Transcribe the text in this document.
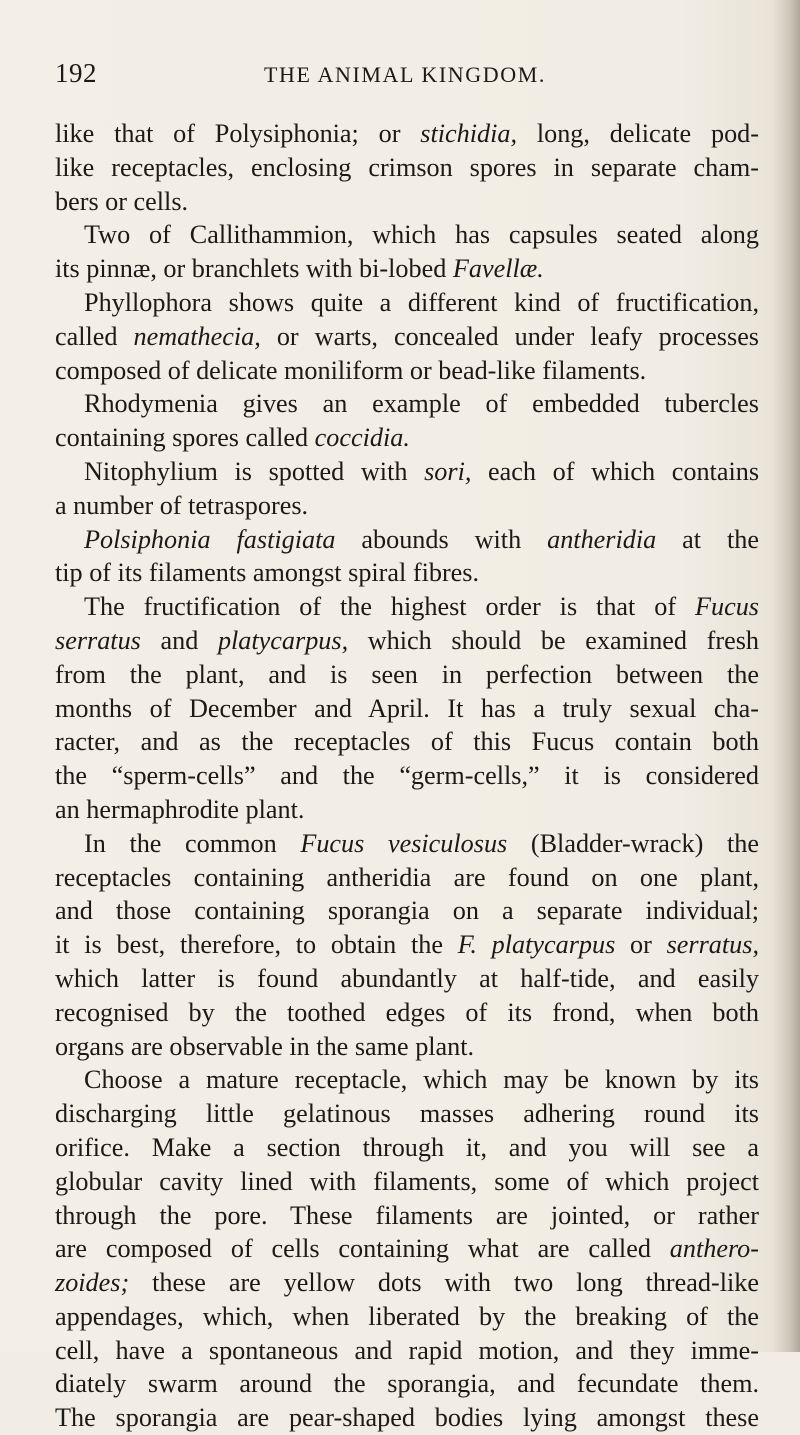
192	THE ANIMAL KINGDOM.
like that of Polysiphonia; or stichidia, long, delicate pod-
like receptacles, enclosing crimson spores in separate cham-
bers or cells.
Two of Callithammion, which has capsules seated along
its pinnæ, or branchlets with bi-lobed Favellæ.
Phyllophora shows quite a different kind of fructification,
called nemathecia, or warts, concealed under leafy processes
composed of delicate moniliform or bead-like filaments.
Rhodymenia gives an example of embedded tubercles
containing spores called coccidia.
Nitophylium is spotted with sori, each of which contains
a number of tetraspores.
Polsiphonia fastigiata abounds with antheridia at the
tip of its filaments amongst spiral fibres.
The fructification of the highest order is that of Fucus
serratus and platycarpus, which should be examined fresh
from the plant, and is seen in perfection between the
months of December and April. It has a truly sexual cha-
racter, and as the receptacles of this Fucus contain both
the “sperm-cells” and the “germ-cells,” it is considered
an hermaphrodite plant.
In the common Fucus vesiculosus (Bladder-wrack) the
receptacles containing antheridia are found on one plant,
and those containing sporangia on a separate individual;
it is best, therefore, to obtain the F. platycarpus or serratus,
which latter is found abundantly at half-tide, and easily
recognised by the toothed edges of its frond, when both
organs are observable in the same plant.
Choose a mature receptacle, which may be known by its
discharging little gelatinous masses adhering round its
orifice. Make a section through it, and you will see a
globular cavity lined with filaments, some of which project
through the pore. These filaments are jointed, or rather
are composed of cells containing what are called anthero-
zoides; these are yellow dots with two long thread-like
appendages, which, when liberated by the breaking of the
cell, have a spontaneous and rapid motion, and they imme-
diately swarm around the sporangia, and fecundate them.
The sporangia are pear-shaped bodies lying amongst these
